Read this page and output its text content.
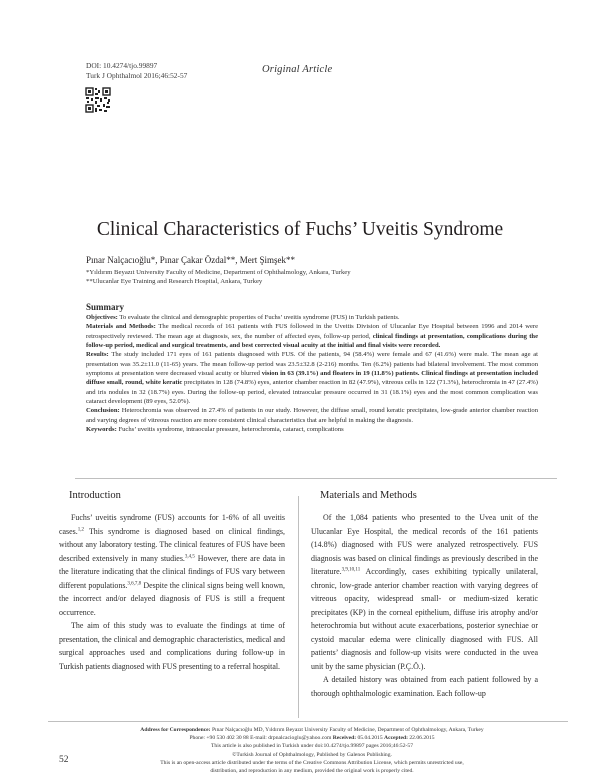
DOI: 10.4274/tjo.99897
Turk J Ophthalmol 2016;46:52-57
Original Article
Clinical Characteristics of Fuchs’ Uveitis Syndrome
Pınar Nalçacıoğlu*, Pınar Çakar Özdal**, Mert Şimşek**
*Yıldırım Beyazıt University Faculty of Medicine, Department of Ophthalmology, Ankara, Turkey
**Ulucanlar Eye Training and Research Hospital, Ankara, Turkey

Summary

Objectives: To evaluate the clinical and demographic properties of Fuchs’ uveitis syndrome (FUS) in Turkish patients.

Materials and Methods: The medical records of 161 patients with FUS followed in the Uveitis Division of Ulucanlar Eye Hospital between 1996 and 2014 were retrospectively reviewed. The mean age at diagnosis, sex, the number of affected eyes, follow-up period, clinical findings at presentation, complications during the follow-up period, medical and surgical treatments, and best corrected visual acuity at the initial and final visits were recorded.

Results: The study included 171 eyes of 161 patients diagnosed with FUS. Of the patients, 94 (58.4%) were female and 67 (41.6%) were male. The mean age at presentation was 35.2±11.0 (11-65) years. The mean follow-up period was 23.5±32.8 (2-216) months. Ten (6.2%) patients had bilateral involvement. The most common symptoms at presentation were decreased visual acuity or blurred vision in 63 (39.1%) and floaters in 19 (11.8%) patients. Clinical findings at presentation included diffuse small, round, white keratic precipitates in 128 (74.8%) eyes, anterior chamber reaction in 82 (47.9%), vitreous cells in 122 (71.3%), heterochromia in 47 (27.4%) and iris nodules in 32 (18.7%) eyes. During the follow-up period, elevated intraocular pressure occurred in 31 (18.1%) eyes and the most common complication was cataract development (89 eyes, 52.0%).

Conclusion: Heterochromia was observed in 27.4% of patients in our study. However, the diffuse small, round keratic precipitates, low-grade anterior chamber reaction and varying degrees of vitreous reaction are more consistent clinical characteristics that are helpful in making the diagnosis.

Keywords: Fuchs’ uveitis syndrome, intraocular pressure, heterochromia, cataract, complications

Introduction

Fuchs’ uveitis syndrome (FUS) accounts for 1-6% of all uveitis cases.$^{1,2}$ This syndrome is diagnosed based on clinical findings, without any laboratory testing. The clinical features of FUS have been described extensively in many studies.$^{3,4,5}$ However, there are data in the literature indicating that the clinical findings of FUS vary between different populations.$^{3,6,7,8}$ Despite the clinical signs being well known, the incorrect and/or delayed diagnosis of FUS is still a frequent occurrence.

The aim of this study was to evaluate the findings at time of presentation, the clinical and demographic characteristics, medical and surgical approaches used and complications during follow-up in Turkish patients diagnosed with FUS presenting to a referral hospital.

Materials and Methods

Of the 1,084 patients who presented to the Uvea unit of the Ulucanlar Eye Hospital, the medical records of the 161 patients (14.8%) diagnosed with FUS were analyzed retrospectively. FUS diagnosis was based on clinical findings as previously described in the literature.$^{3,9,10,11}$ Accordingly, cases exhibiting typically unilateral, chronic, low-grade anterior chamber reaction with varying degrees of vitreous opacity, widespread small- or medium-sized keratic precipitates (KP) in the corneal epithelium, diffuse iris atrophy and/or heterochromia but without acute exacerbations, posterior synechiae or cystoid macular edema were clinically diagnosed with FUS. All patients’ diagnosis and follow-up visits were conducted in the uvea unit by the same physician (P.Ç.Ö.).

A detailed history was obtained from each patient followed by a thorough ophthalmologic examination. Each follow-up

Address for Correspondence: Pınar Nalçacıoğlu MD, Yıldırım Beyazıt University Faculty of Medicine, Department of Ophthalmology, Ankara, Turkey
Phone: +90 530 402 30 88 E-mail: drpnalcacioglu@yahoo.com Received: 05.04.2015 Accepted: 22.06.2015
This article is also published in Turkish under doi:10.4274/tjo.99897 pages 2016;46:52-57
©Turkish Journal of Ophthalmology, Published by Galenos Publishing.
This is an open-access article distributed under the terms of the Creative Commons Attribution License, which permits unrestricted use,
distribution, and reproduction in any medium, provided the original work is properly cited.
52
